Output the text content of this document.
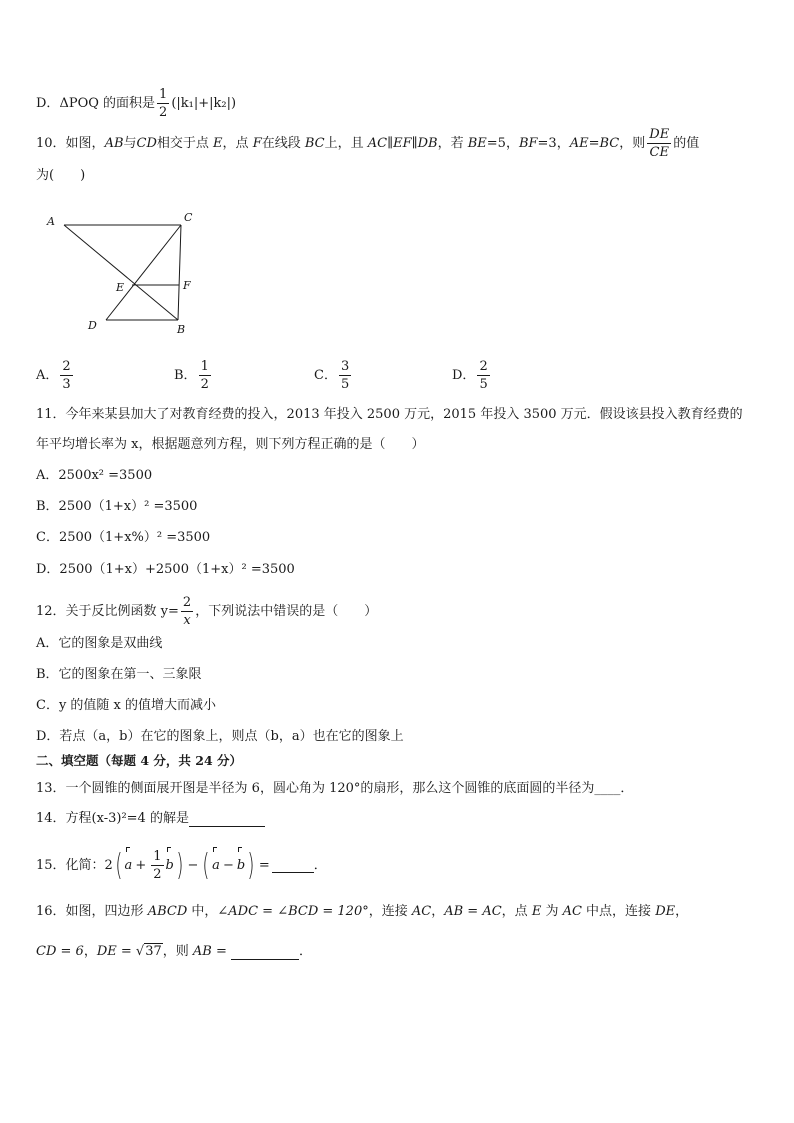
D．ΔPOQ 的面积是 $\frac{1}{2} (|k_1|+|k_2|)$
10．如图，AB与CD相交于点 E，点 F在线段 BC上，且 AC∥EF∥DB，若 BE=5，BF=3，AE=BC，则 $\frac{DE}{CE}$ 的值
为(　　)
A	C
E	F
D	B
A． $\frac{2}{3}$	B． $\frac{1}{2}$	C． $\frac{3}{5}$	D． $\frac{2}{5}$
11．今年来某县加大了对教育经费的投入，2013 年投入 2500 万元，2015 年投入 3500 万元．假设该县投入教育经费的
年平均增长率为 x，根据题意列方程，则下列方程正确的是（　　）
A．2500x² =3500
B．2500（1+x）² =3500
C．2500（1+x%）² =3500
D．2500（1+x）+2500（1+x）² =3500
12．关于反比例函数 $y= \frac{2}{x}$ ，下列说法中错误的是（　　）
A．它的图象是双曲线
B．它的图象在第一、三象限
C．y 的值随 x 的值增大而减小
D．若点（a，b）在它的图象上，则点（b，a）也在它的图象上
二、填空题（每题 4 分，共 24 分）
13．一个圆锥的侧面展开图是半径为 6，圆心角为 120°的扇形，那么这个圆锥的底面圆的半径为____．
14．方程(x-3)²=4 的解是
15．化简：2( $a + \frac{1}{2} b$) − ( a − b) =	．
16．如图，四边形 ABCD 中，∠ADC = ∠BCD = 120°，连接 AC，AB = AC，点 E 为 AC 中点，连接 DE，
CD = 6，DE = √37，则 AB =	．
